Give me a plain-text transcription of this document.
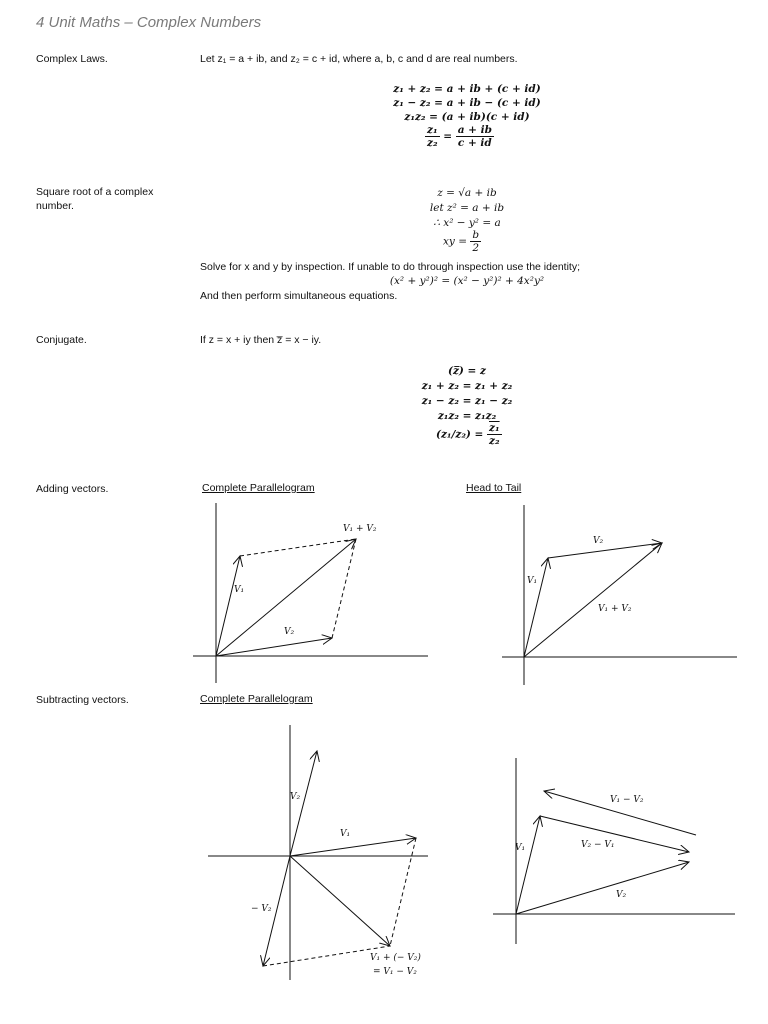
4 Unit Maths – Complex Numbers
Complex Laws.	Let z₁ = a + ib, and z₂ = c + id, where a, b, c and d are real numbers.
z₁ + z₂ = a + ib + (c + id)
z₁ − z₂ = a + ib − (c + id)
z₁z₂ = (a + ib)(c + id)
$\frac{\text{z₁}}{\text{z₂}} = \frac{a + ib}{c + id}$
Square root of a complex number.
z = √a + ib
let z² = a + ib
∴ x² − y² = a
xy = $\frac{b}{2}$
Solve for x and y by inspection. If unable to do through inspection use the identity;
(x² + y²)² = (x² − y²)² + 4x²y²
And then perform simultaneous equations.
Conjugate.	If z = x + iy then z̅ = x − iy.
(z̅) = z
z₁ + z₂ = z₁ + z₂
z₁ − z₂ = z₁ − z₂
z₁z₂ = z₁z₂
$(z_1/z_2) = \frac{\text{z₁}}{\text{z₂}}$
Adding vectors.	Complete Parallelogram	Head to Tail
Subtracting vectors.	Complete Parallelogram
V₁
V₂
V₁ + V₂
V₁
V₂
V₁ + V₂
V₂
V₁
− V₂
V₁ + (− V₂)
= V₁ − V₂
V₁
V₂
V₂ − V₁
V₁ − V₂
